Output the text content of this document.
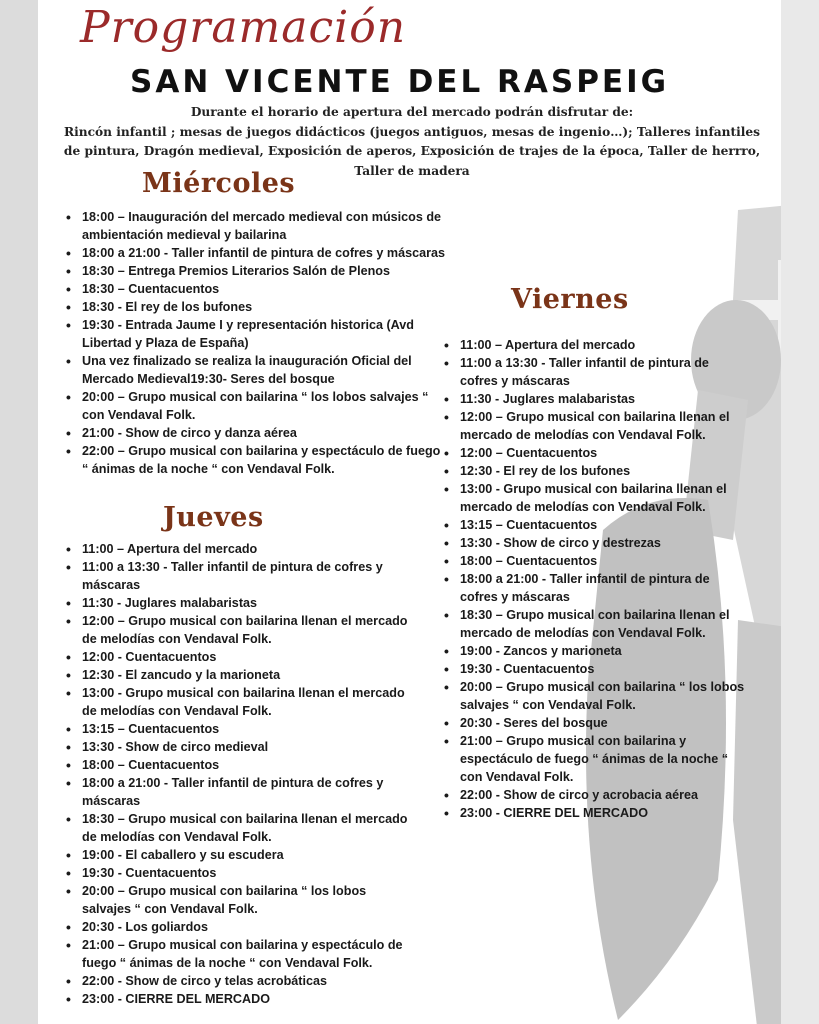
Programación
SAN VICENTE DEL RASPEIG
Durante el horario de apertura del mercado podrán disfrutar de:
Rincón infantil ; mesas de juegos didácticos (juegos antiguos, mesas de ingenio…); Talleres infantiles de pintura, Dragón medieval, Exposición de aperos, Exposición de trajes de la época, Taller de herrro, Taller de madera
Miércoles
• 18:00 – Inauguración del mercado medieval con músicos de ambientación medieval y bailarina
• 18:00 a 21:00 - Taller infantil de pintura de cofres y máscaras
• 18:30 – Entrega Premios Literarios Salón de Plenos
• 18:30 – Cuentacuentos
• 18:30 - El rey de los bufones
• 19:30 - Entrada Jaume I y representación historica (Avd Libertad y Plaza de España)
• Una vez finalizado se realiza la inauguración Oficial del Mercado Medieval19:30- Seres del bosque
• 20:00 – Grupo musical con bailarina “ los lobos salvajes “ con Vendaval Folk.
• 21:00 - Show de circo y danza aérea
• 22:00 – Grupo musical con bailarina y espectáculo de fuego “ ánimas de la noche “ con Vendaval Folk.
Jueves
• 11:00 – Apertura del mercado
• 11:00 a 13:30 - Taller infantil de pintura de cofres y máscaras
• 11:30 - Juglares malabaristas
• 12:00 – Grupo musical con bailarina llenan el mercado de melodías con Vendaval Folk.
• 12:00 - Cuentacuentos
• 12:30 - El zancudo y la marioneta
• 13:00 - Grupo musical con bailarina llenan el mercado de melodías con Vendaval Folk.
• 13:15 – Cuentacuentos
• 13:30 - Show de circo medieval
• 18:00 – Cuentacuentos
• 18:00 a 21:00 - Taller infantil de pintura de cofres y máscaras
• 18:30 – Grupo musical con bailarina llenan el mercado de melodías con Vendaval Folk.
• 19:00 - El caballero y su escudera
• 19:30 - Cuentacuentos
• 20:00 – Grupo musical con bailarina “ los lobos salvajes “ con Vendaval Folk.
• 20:30 - Los goliardos
• 21:00 – Grupo musical con bailarina y espectáculo de fuego “ ánimas de la noche “ con Vendaval Folk.
• 22:00 - Show de circo y telas acrobáticas
• 23:00 - CIERRE DEL MERCADO
Viernes
• 11:00 – Apertura del mercado
• 11:00 a 13:30 - Taller infantil de pintura de cofres y máscaras
• 11:30 - Juglares malabaristas
• 12:00 – Grupo musical con bailarina llenan el mercado de melodías con Vendaval Folk.
• 12:00 – Cuentacuentos
• 12:30 - El rey de los bufones
• 13:00 - Grupo musical con bailarina llenan el mercado de melodías con Vendaval Folk.
• 13:15 – Cuentacuentos
• 13:30 - Show de circo y destrezas
• 18:00 – Cuentacuentos
• 18:00 a 21:00 - Taller infantil de pintura de cofres y máscaras
• 18:30 – Grupo musical con bailarina llenan el mercado de melodías con Vendaval Folk.
• 19:00 - Zancos y marioneta
• 19:30 - Cuentacuentos
• 20:00 – Grupo musical con bailarina “ los lobos salvajes “ con Vendaval Folk.
• 20:30 - Seres del bosque
• 21:00 – Grupo musical con bailarina y espectáculo de fuego “ ánimas de la noche “ con Vendaval Folk.
• 22:00 - Show de circo y acrobacia aérea
• 23:00 - CIERRE DEL MERCADO
